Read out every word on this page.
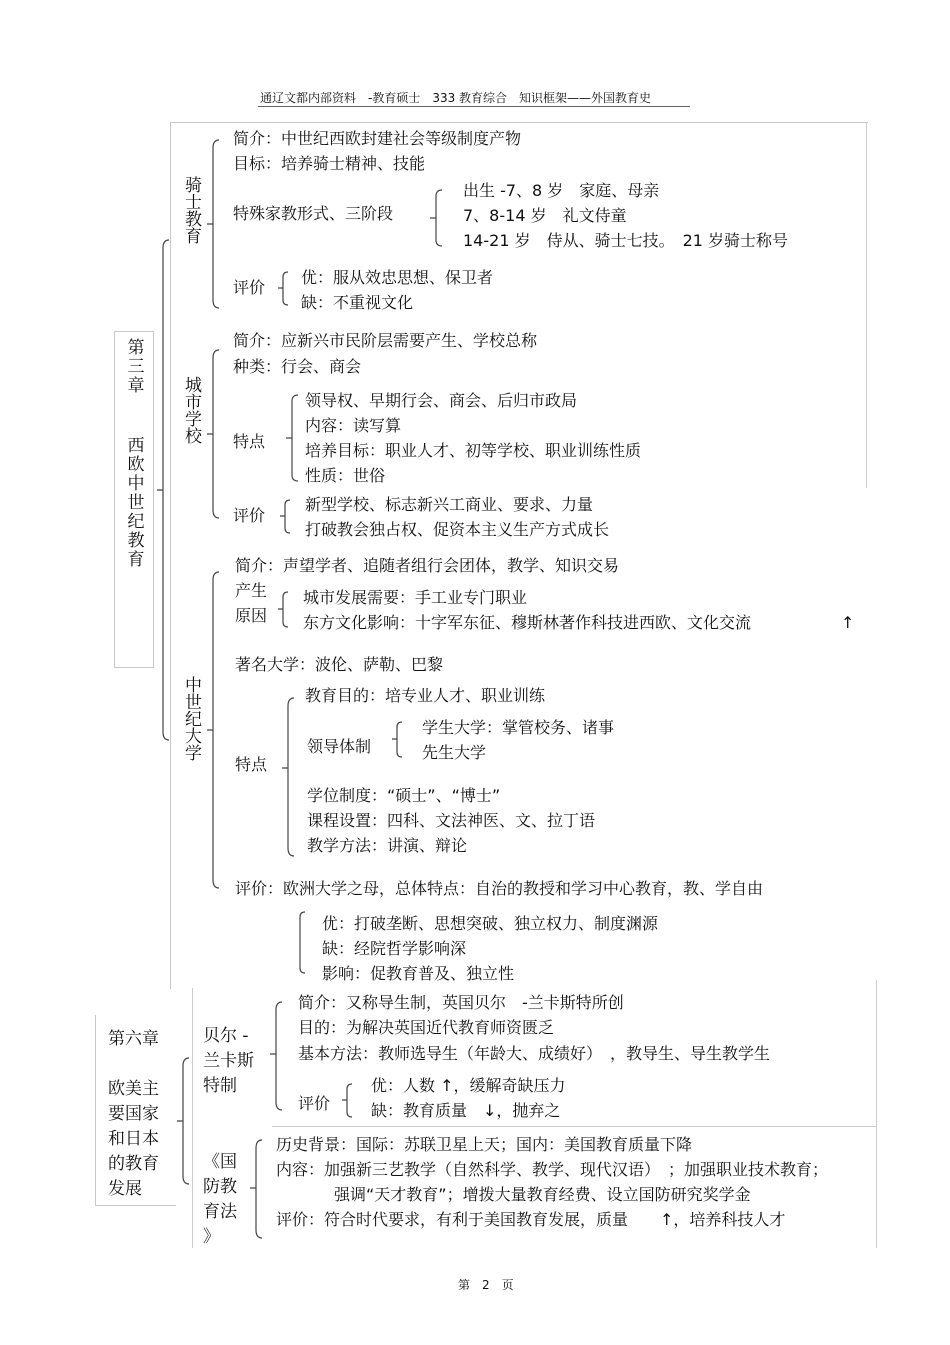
通辽文都内部资料　-教育硕士　333 教育综合　知识框架——外国教育史
第三章
西欧中世纪教育
骑士教育
简介：中世纪西欧封建社会等级制度产物
目标：培养骑士精神、技能
特殊家教形式、三阶段
出生 -7、8 岁　家庭、母亲
7、8-14 岁　礼文侍童
14-21 岁　侍从、骑士七技。　21 岁骑士称号
评价
优：服从效忠思想、保卫者
缺：不重视文化
城市学校
简介：应新兴市民阶层需要产生、学校总称
种类：行会、商会
特点
领导权、早期行会、商会、后归市政局
内容：读写算
培养目标：职业人才、初等学校、职业训练性质
性质：世俗
评价
新型学校、标志新兴工商业、要求、力量
打破教会独占权、促资本主义生产方式成长
中世纪大学
简介：声望学者、追随者组行会团体，教学、知识交易
产生
原因
城市发展需要：手工业专门职业
东方文化影响：十字军东征、穆斯林著作科技进西欧、文化交流	↑
著名大学：波伦、萨勒、巴黎
特点
教育目的：培专业人才、职业训练
领导体制
学生大学：掌管校务、诸事
先生大学
学位制度：“硕士”、“博士”
课程设置：四科、文法神医、文、拉丁语
教学方法：讲演、辩论
评价：欧洲大学之母，总体特点：自治的教授和学习中心教育，教、学自由
优：打破垄断、思想突破、独立权力、制度渊源
缺：经院哲学影响深
影响：促教育普及、独立性
第六章
欧美主
要国家
和日本
的教育
发展
贝尔 -
兰卡斯
特制
简介：又称导生制，英国贝尔　-兰卡斯特所创
目的：为解决英国近代教育师资匮乏
基本方法：教师选导生（年龄大、成绩好）　，教导生、导生教学生
评价
优：人数 ↑，缓解奇缺压力
缺：教育质量　↓，抛弃之
《国
防教
育法
》
历史背景：国际：苏联卫星上天；国内：美国教育质量下降
内容：加强新三艺教学（自然科学、教学、现代汉语）　；加强职业技术教育；
强调“天才教育”；增拨大量教育经费、设立国防研究奖学金
评价：符合时代要求，有利于美国教育发展，质量　　↑，培养科技人才
第　2　页
